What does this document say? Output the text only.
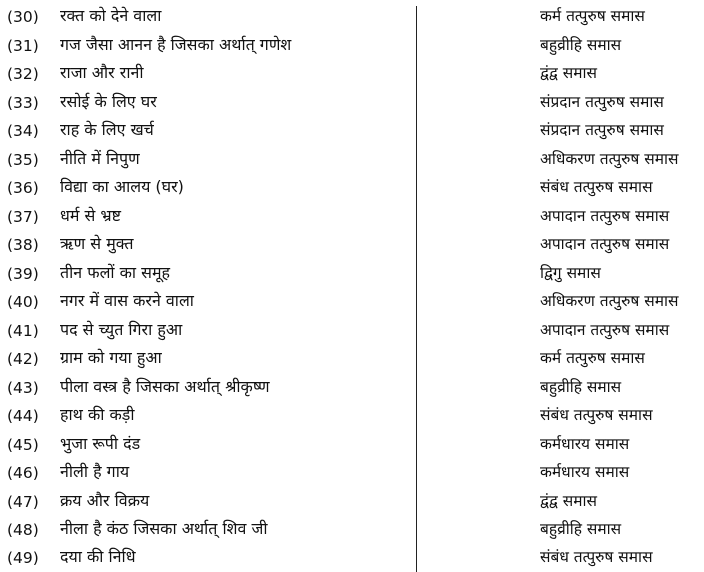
(30) रक्त को देने वाला	कर्म तत्पुरुष समास
(31) गज जैसा आनन है जिसका अर्थात् गणेश	बहुव्रीहि समास
(32) राजा और रानी	द्वंद्व समास
(33) रसोई के लिए घर	संप्रदान तत्पुरुष समास
(34) राह के लिए खर्च	संप्रदान तत्पुरुष समास
(35) नीति में निपुण	अधिकरण तत्पुरुष समास
(36) विद्या का आलय (घर)	संबंध तत्पुरुष समास
(37) धर्म से भ्रष्ट	अपादान तत्पुरुष समास
(38) ऋण से मुक्त	अपादान तत्पुरुष समास
(39) तीन फलों का समूह	द्विगु समास
(40) नगर में वास करने वाला	अधिकरण तत्पुरुष समास
(41) पद से च्युत गिरा हुआ	अपादान तत्पुरुष समास
(42) ग्राम को गया हुआ	कर्म तत्पुरुष समास
(43) पीला वस्त्र है जिसका अर्थात् श्रीकृष्ण	बहुव्रीहि समास
(44) हाथ की कड़ी	संबंध तत्पुरुष समास
(45) भुजा रूपी दंड	कर्मधारय समास
(46) नीली है गाय	कर्मधारय समास
(47) क्रय और विक्रय	द्वंद्व समास
(48) नीला है कंठ जिसका अर्थात् शिव जी	बहुव्रीहि समास
(49) दया की निधि	संबंध तत्पुरुष समास
